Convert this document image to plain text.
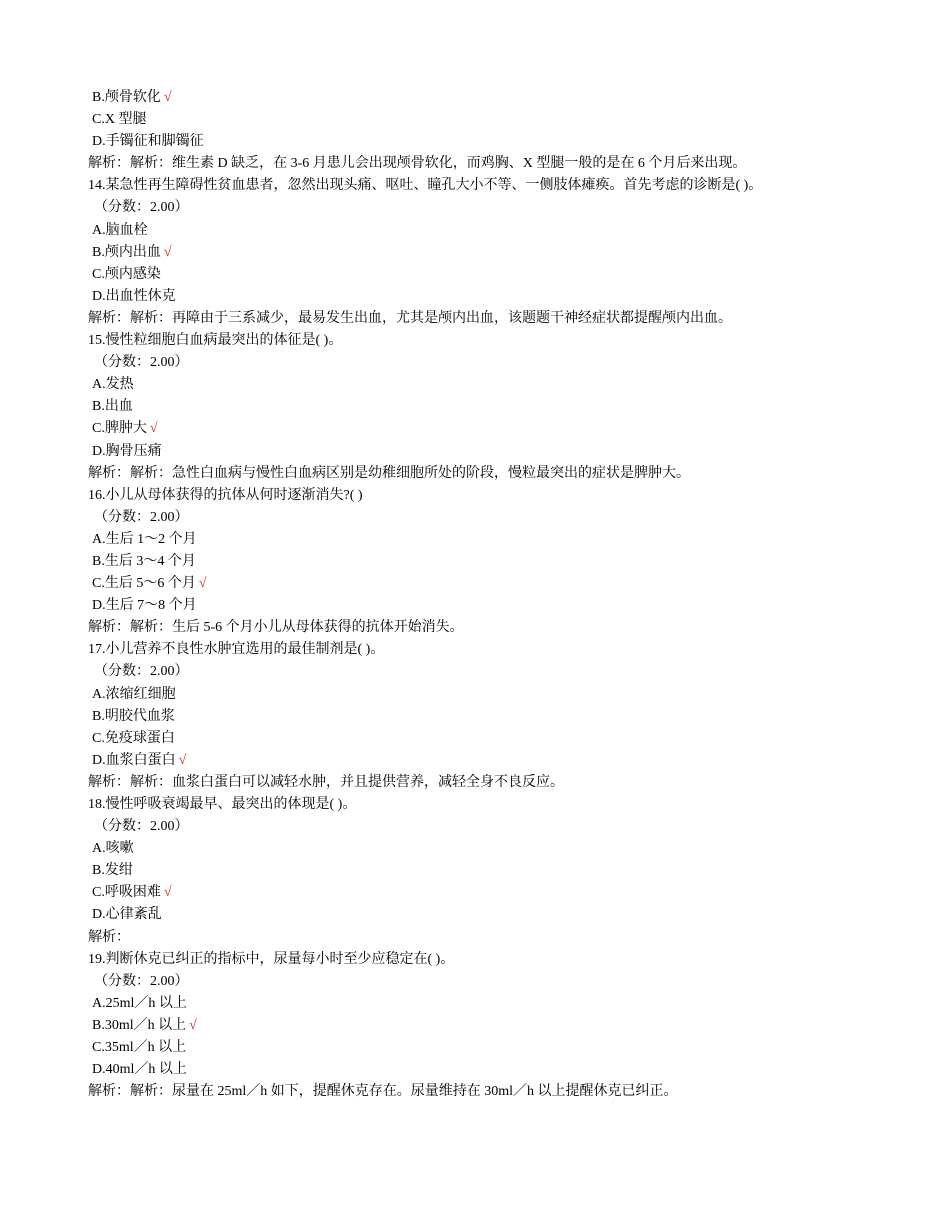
B.颅骨软化 √
C.X 型腿
D.手镯征和脚镯征
解析：解析：维生素 D 缺乏，在 3-6 月患儿会出现颅骨软化，而鸡胸、X 型腿一般的是在 6 个月后来出现。
14.某急性再生障碍性贫血患者，忽然出现头痛、呕吐、瞳孔大小不等、一侧肢体瘫痪。首先考虑的诊断是( )。
（分数：2.00）
A.脑血栓
B.颅内出血 √
C.颅内感染
D.出血性休克
解析：解析：再障由于三系减少，最易发生出血，尤其是颅内出血，该题题干神经症状都提醒颅内出血。
15.慢性粒细胞白血病最突出的体征是( )。
（分数：2.00）
A.发热
B.出血
C.脾肿大 √
D.胸骨压痛
解析：解析：急性白血病与慢性白血病区别是幼稚细胞所处的阶段，慢粒最突出的症状是脾肿大。
16.小儿从母体获得的抗体从何时逐渐消失?( )
（分数：2.00）
A.生后 1～2 个月
B.生后 3～4 个月
C.生后 5～6 个月 √
D.生后 7～8 个月
解析：解析：生后 5-6 个月小儿从母体获得的抗体开始消失。
17.小儿营养不良性水肿宜选用的最佳制剂是( )。
（分数：2.00）
A.浓缩红细胞
B.明胶代血浆
C.免疫球蛋白
D.血浆白蛋白 √
解析：解析：血浆白蛋白可以减轻水肿，并且提供营养，减轻全身不良反应。
18.慢性呼吸衰竭最早、最突出的体现是( )。
（分数：2.00）
A.咳嗽
B.发绀
C.呼吸困难 √
D.心律紊乱
解析：
19.判断休克已纠正的指标中，尿量每小时至少应稳定在( )。
（分数：2.00）
A.25ml／h 以上
B.30ml／h 以上 √
C.35ml／h 以上
D.40ml／h 以上
解析：解析：尿量在 25ml／h 如下，提醒休克存在。尿量维持在 30ml／h 以上提醒休克已纠正。
